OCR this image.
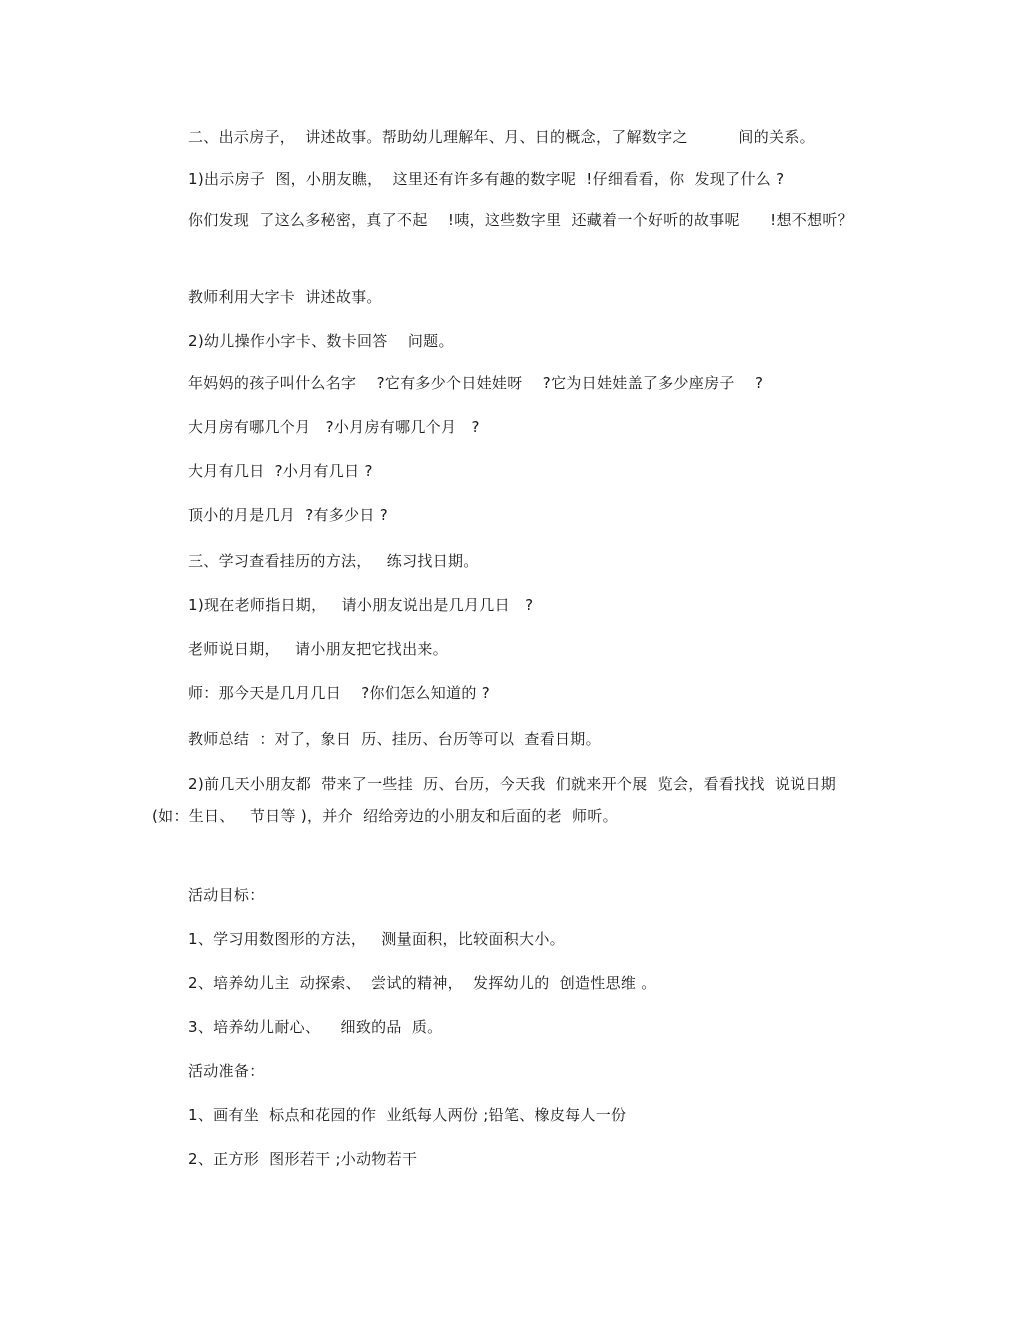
二、出示房子，  讲述故事。帮助幼儿理解年、月、日的概念，了解数字之          间的关系。
1)出示房子  图，小朋友瞧，  这里还有许多有趣的数字呢  !仔细看看，你  发现了什么 ?
你们发现  了这么多秘密，真了不起    !咦，这些数字里  还藏着一个好听的故事呢      !想不想听？
教师利用大字卡  讲述故事。
2)幼儿操作小字卡、数卡回答    问题。
年妈妈的孩子叫什么名字    ?它有多少个日娃娃呀    ?它为日娃娃盖了多少座房子    ?
大月房有哪几个月   ?小月房有哪几个月   ?
大月有几日  ?小月有几日 ?
顶小的月是几月  ?有多少日 ?
三、学习查看挂历的方法，   练习找日期。
1)现在老师指日期，   请小朋友说出是几月几日   ?
老师说日期，   请小朋友把它找出来。
师：那今天是几月几日    ?你们怎么知道的 ?
教师总结  ：对了，象日  历、挂历、台历等可以  查看日期。
2)前几天小朋友都  带来了一些挂  历、台历，今天我  们就来开个展  览会，看看找找  说说日期 (如：生日、   节日等 )，并介  绍给旁边的小朋友和后面的老  师听。
活动目标：
1、学习用数图形的方法，   测量面积，比较面积大小。
2、培养幼儿主  动探索、  尝试的精神，  发挥幼儿的  创造性思维 。
3、培养幼儿耐心、    细致的品  质。
活动准备：
1、画有坐  标点和花园的作  业纸每人两份 ;铅笔、橡皮每人一份
2、正方形  图形若干 ;小动物若干
